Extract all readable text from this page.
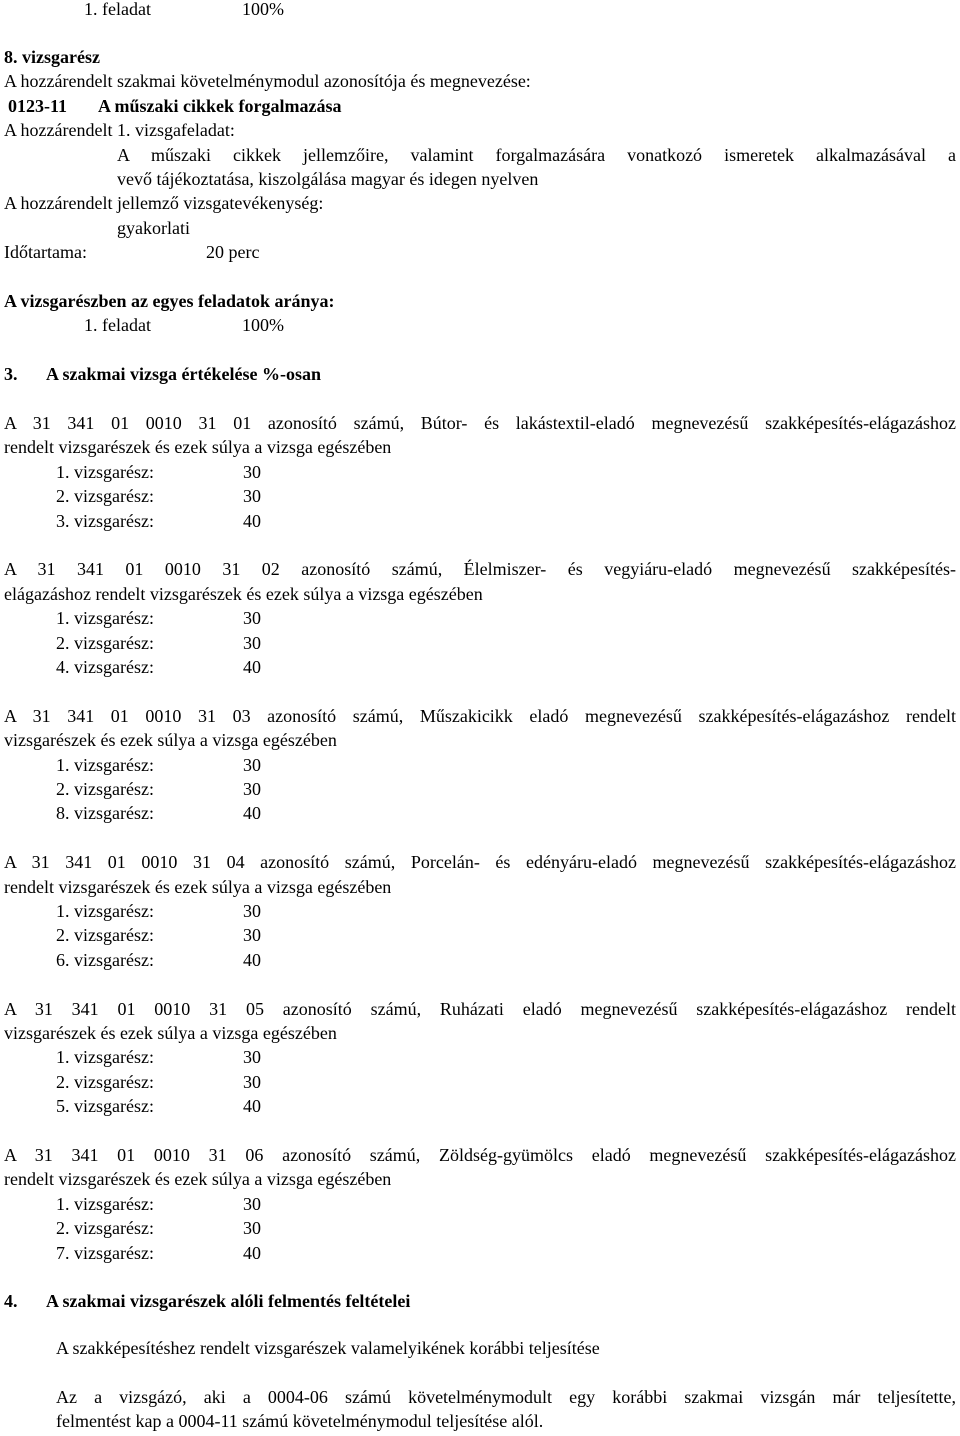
1. feladat	100%
8. vizsgarész
A hozzárendelt szakmai követelménymodul azonosítója és megnevezése:
0123-11 A műszaki cikkek forgalmazása
A hozzárendelt 1. vizsgafeladat:
A műszaki cikkek jellemzőire, valamint forgalmazására vonatkozó ismeretek alkalmazásával a
vevő tájékoztatása, kiszolgálása magyar és idegen nyelven
A hozzárendelt jellemző vizsgatevékenység:
gyakorlati
Időtartama:	20 perc
A vizsgarészben az egyes feladatok aránya:
1. feladat	100%
3. A szakmai vizsga értékelése %-osan
A 31 341 01 0010 31 01 azonosító számú, Bútor- és lakástextil-eladó megnevezésű szakképesítés-elágazáshoz
rendelt vizsgarészek és ezek súlya a vizsga egészében
1. vizsgarész:	30
2. vizsgarész:	30
3. vizsgarész:	40
A 31 341 01 0010 31 02 azonosító számú, Élelmiszer- és vegyiáru-eladó megnevezésű szakképesítés-
elágazáshoz rendelt vizsgarészek és ezek súlya a vizsga egészében
1. vizsgarész:	30
2. vizsgarész:	30
4. vizsgarész:	40
A 31 341 01 0010 31 03 azonosító számú, Műszakicikk eladó megnevezésű szakképesítés-elágazáshoz rendelt
vizsgarészek és ezek súlya a vizsga egészében
1. vizsgarész:	30
2. vizsgarész:	30
8. vizsgarész:	40
A 31 341 01 0010 31 04 azonosító számú, Porcelán- és edényáru-eladó megnevezésű szakképesítés-elágazáshoz
rendelt vizsgarészek és ezek súlya a vizsga egészében
1. vizsgarész:	30
2. vizsgarész:	30
6. vizsgarész:	40
A 31 341 01 0010 31 05 azonosító számú, Ruházati eladó megnevezésű szakképesítés-elágazáshoz rendelt
vizsgarészek és ezek súlya a vizsga egészében
1. vizsgarész:	30
2. vizsgarész:	30
5. vizsgarész:	40
A 31 341 01 0010 31 06 azonosító számú, Zöldség-gyümölcs eladó megnevezésű szakképesítés-elágazáshoz
rendelt vizsgarészek és ezek súlya a vizsga egészében
1. vizsgarész:	30
2. vizsgarész:	30
7. vizsgarész:	40
4. A szakmai vizsgarészek alóli felmentés feltételei
A szakképesítéshez rendelt vizsgarészek valamelyikének korábbi teljesítése
Az a vizsgázó, aki a 0004-06 számú követelménymodult egy korábbi szakmai vizsgán már teljesítette,
felmentést kap a 0004-11 számú követelménymodul teljesítése alól.
